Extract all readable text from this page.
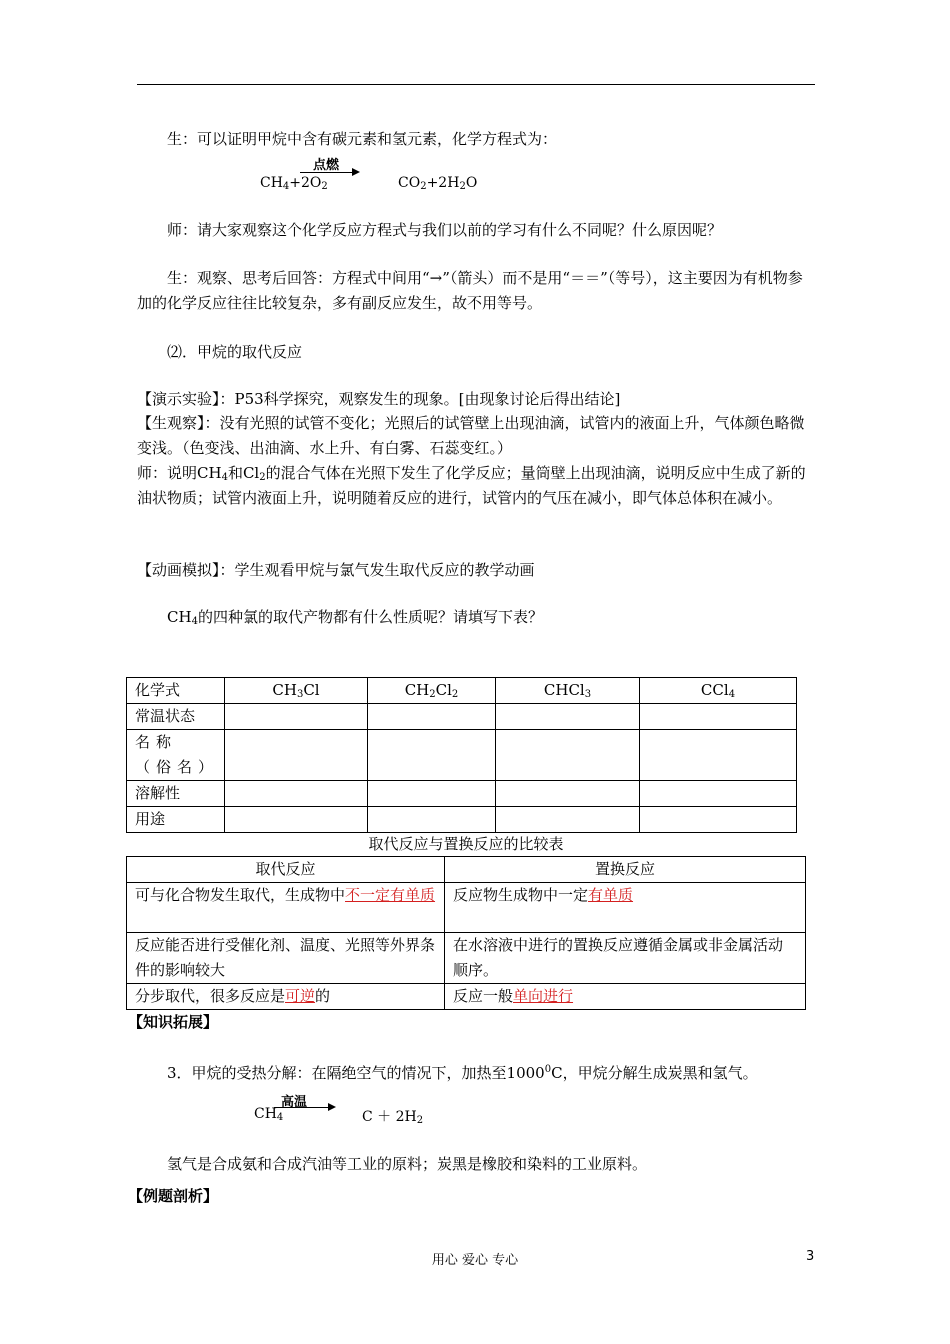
生：可以证明甲烷中含有碳元素和氢元素，化学方程式为：
$CH_4+2O_2$
点燃
$CO_2+2H_2O$
师：请大家观察这个化学反应方程式与我们以前的学习有什么不同呢？什么原因呢？
生：观察、思考后回答：方程式中间用“→”（箭头）而不是用“＝＝”（等号），这主要因为有机物参加的化学反应往往比较复杂，多有副反应发生，故不用等号。
⑵．甲烷的取代反应
【演示实验】：P53科学探究，观察发生的现象。[由现象讨论后得出结论]
【生观察】：没有光照的试管不变化；光照后的试管壁上出现油滴，试管内的液面上升，气体颜色略微变浅。（色变浅、出油滴、水上升、有白雾、石蕊变红。）
师：说明$CH_4$和$Cl_2$的混合气体在光照下发生了化学反应；量筒壁上出现油滴，说明反应中生成了新的油状物质；试管内液面上升，说明随着反应的进行，试管内的气压在减小，即气体总体积在减小。
【动画模拟】：学生观看甲烷与氯气发生取代反应的教学动画
$CH_4$的四种氯的取代产物都有什么性质呢？请填写下表？
化学式	$CH_3Cl$	$CH_2Cl_2$	CHCl$_3$	CCl$_4$
常温状态				
名称（俗名）				
溶解性				
用途				
取代反应与置换反应的比较表
取代反应	置换反应
可与化合物发生取代，生成物中不一定有单质	反应物生成物中一定有单质
反应能否进行受催化剂、温度、光照等外界条件的影响较大	在水溶液中进行的置换反应遵循金属或非金属活动顺序。
分步取代，很多反应是可逆的	反应一般单向进行
【知识拓展】
3．甲烷的受热分解：在隔绝空气的情况下，加热至1000$^0$C，甲烷分解生成炭黑和氢气。
$CH_4$
高温
$C + 2H_2$
氢气是合成氨和合成汽油等工业的原料；炭黑是橡胶和染料的工业原料。
【例题剖析】
用心 爱心 专心	3
